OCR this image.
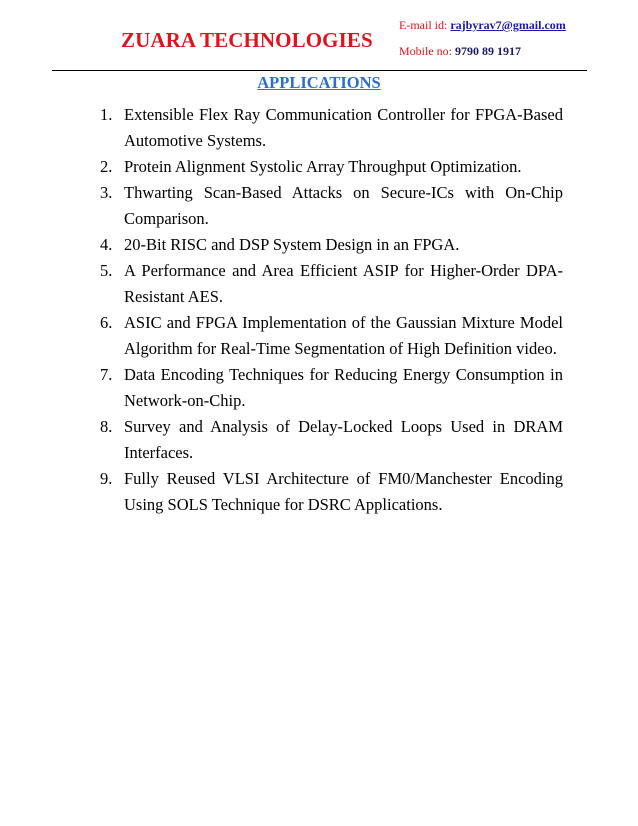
ZUARA TECHNOLOGIES
E-mail id: rajbyrav7@gmail.com
Mobile no: 9790 89 1917
APPLICATIONS
1. Extensible Flex Ray Communication Controller for FPGA-Based Automotive Systems.
2. Protein Alignment Systolic Array Throughput Optimization.
3. Thwarting Scan-Based Attacks on Secure-ICs with On-Chip Comparison.
4. 20-Bit RISC and DSP System Design in an FPGA.
5. A Performance and Area Efficient ASIP for Higher-Order DPA-Resistant AES.
6. ASIC and FPGA Implementation of the Gaussian Mixture Model Algorithm for Real-Time Segmentation of High Definition video.
7. Data Encoding Techniques for Reducing Energy Consumption in Network-on-Chip.
8. Survey and Analysis of Delay-Locked Loops Used in DRAM Interfaces.
9. Fully Reused VLSI Architecture of FM0/Manchester Encoding Using SOLS Technique for DSRC Applications.
